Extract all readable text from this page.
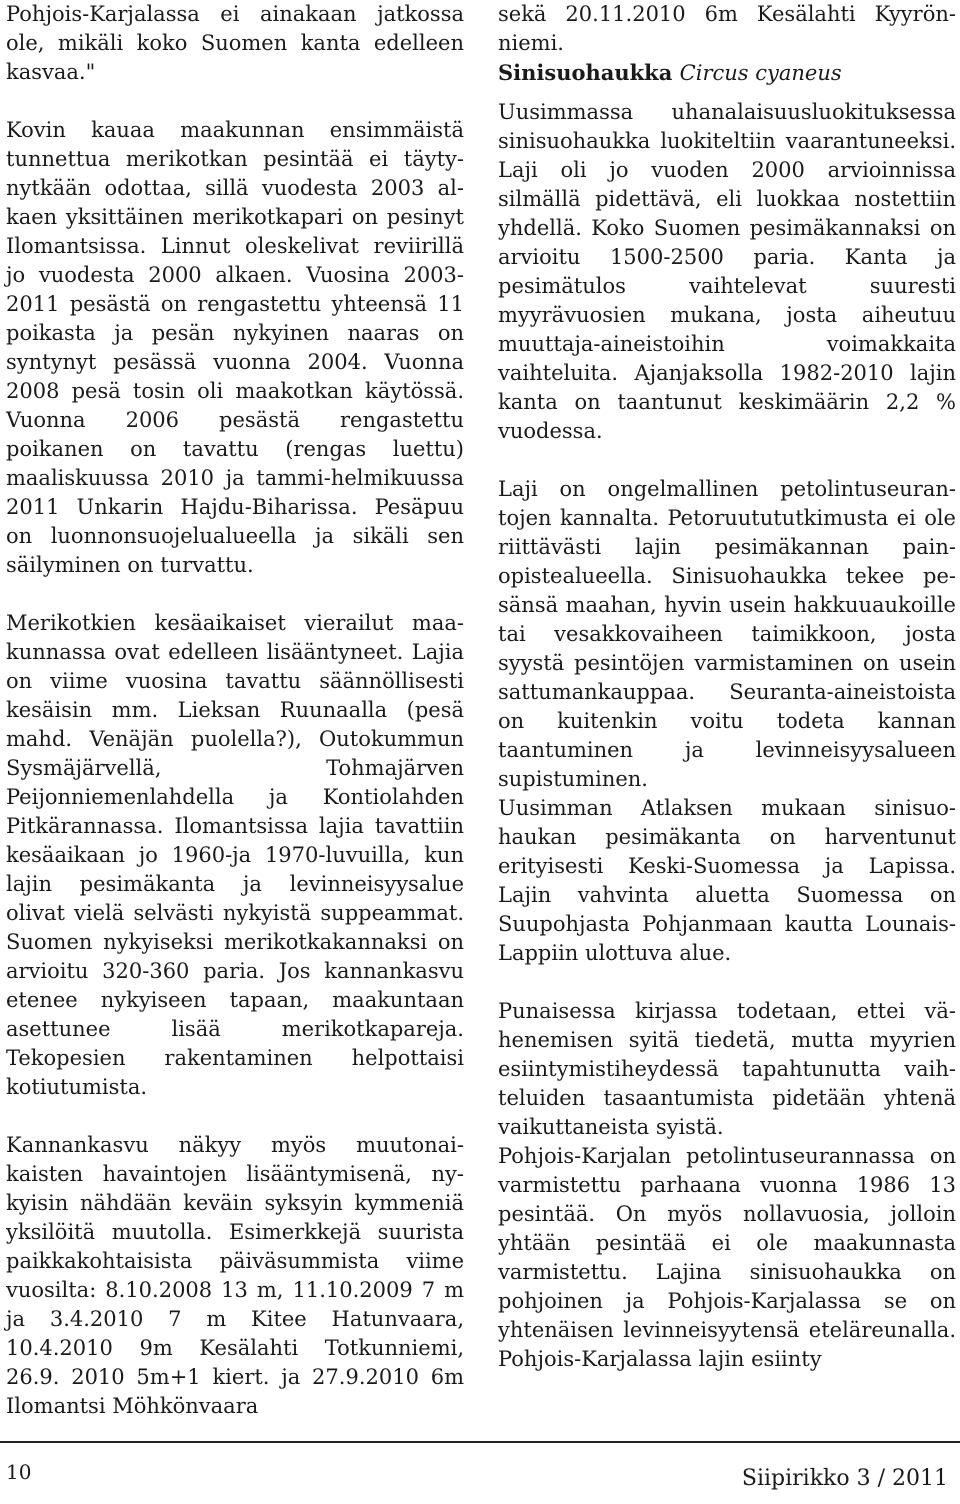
Pohjois-Karjalassa ei ainakaan jatkossa ole, mikäli koko Suomen kanta edelleen kasvaa."

Kovin kauaa maakunnan ensimmäistä tunnettua merikotkan pesintää ei täytynytkään odottaa, sillä vuodesta 2003 alkaen yksittäinen merikotkapari on pesinyt Ilomantsissa. Linnut oleskelivat reviirillä jo vuodesta 2000 alkaen. Vuosina 2003-2011 pesästä on rengastettu yhteensä 11 poikasta ja pesän nykyinen naaras on syntynyt pesässä vuonna 2004. Vuonna 2008 pesä tosin oli maakotkan käytössä. Vuonna 2006 pesästä rengastettu poikanen on tavattu (rengas luettu) maaliskuussa 2010 ja tammi-helmikuussa 2011 Unkarin Hajdu-Biharissa. Pesäpuu on luonnonsuojelualueella ja sikäli sen säilyminen on turvattu.

Merikotkien kesäaikaiset vierailut maakunnassa ovat edelleen lisääntyneet. Lajia on viime vuosina tavattu säännöllisesti kesäisin mm. Lieksan Ruunaalla (pesä mahd. Venäjän puolella?), Outokummun Sysmäjärvellä, Tohmajärven Peijonniemenlahdella ja Kontiolahden Pitkärannassa. Ilomantsissa lajia tavattiin kesäaikaan jo 1960-ja 1970-luvuilla, kun lajin pesimäkanta ja levinneisyysalue olivat vielä selvästi nykyistä suppeammat. Suomen nykyiseksi merikotkakannaksi on arvioitu 320-360 paria. Jos kannankasvu etenee nykyiseen tapaan, maakuntaan asettunee lisää merikotkapareja. Tekopesien rakentaminen helpottaisi kotiutumista.

Kannankasvu näkyy myös muutonaikaisten havaintojen lisääntymisenä, nykyisin nähdään keväin syksyin kymmeniä yksilöitä muutolla. Esimerkkejä suurista paikkakohtaisista päiväsummista viime vuosilta: 8.10.2008 13 m, 11.10.2009 7 m ja 3.4.2010 7 m Kitee Hatunvaara, 10.4.2010 9m Kesälahti Totkunniemi, 26.9. 2010 5m+1 kiert. ja 27.9.2010 6m Ilomantsi Möhkönvaara

sekä 20.11.2010 6m Kesälahti Kyyrönniemi.

Sinisuohaukka Circus cyaneus

Uusimmassa uhanalaisuusluokituksessa sinisuohaukka luokiteltiin vaarantuneeksi. Laji oli jo vuoden 2000 arvioinnissa silmällä pidettävä, eli luokkaa nostettiin yhdellä. Koko Suomen pesimäkannaksi on arvioitu 1500-2500 paria. Kanta ja pesimätulos vaihtelevat suuresti myyrävuosien mukana, josta aiheutuu muuttaja-aineistoihin voimakkaita vaihteluita. Ajanjaksolla 1982-2010 lajin kanta on taantunut keskimäärin 2,2 % vuodessa.

Laji on ongelmallinen petolintuseurantojen kannalta. Petoruutututkimusta ei ole riittävästi lajin pesimäkannan painopistealueella. Sinisuohaukka tekee pesänsä maahan, hyvin usein hakkuuaukoille tai vesakkovaiheen taimikkoon, josta syystä pesintöjen varmistaminen on usein sattumankauppaa. Seuranta-aineistoista on kuitenkin voitu todeta kannan taantuminen ja levinneisyysalueen supistuminen.

Uusimman Atlaksen mukaan sinisuohaukan pesimäkanta on harventunut erityisesti Keski-Suomessa ja Lapissa. Lajin vahvinta aluetta Suomessa on Suupohjasta Pohjanmaan kautta Lounais-Lappiin ulottuva alue.

Punaisessa kirjassa todetaan, ettei vähenemisen syitä tiedetä, mutta myyrien esiintymistiheydessä tapahtunutta vaihteluiden tasaantumista pidetään yhtenä vaikuttaneista syistä.

Pohjois-Karjalan petolintuseurannassa on varmistettu parhaana vuonna 1986 13 pesintää. On myös nollavuosia, jolloin yhtään pesintää ei ole maakunnasta varmistettu. Lajina sinisuohaukka on pohjoinen ja Pohjois-Karjalassa se on yhtenäisen levinneisyytensä eteläreunalla. Pohjois-Karjalassa lajin esiinty

10	Siipirikko 3 / 2011
